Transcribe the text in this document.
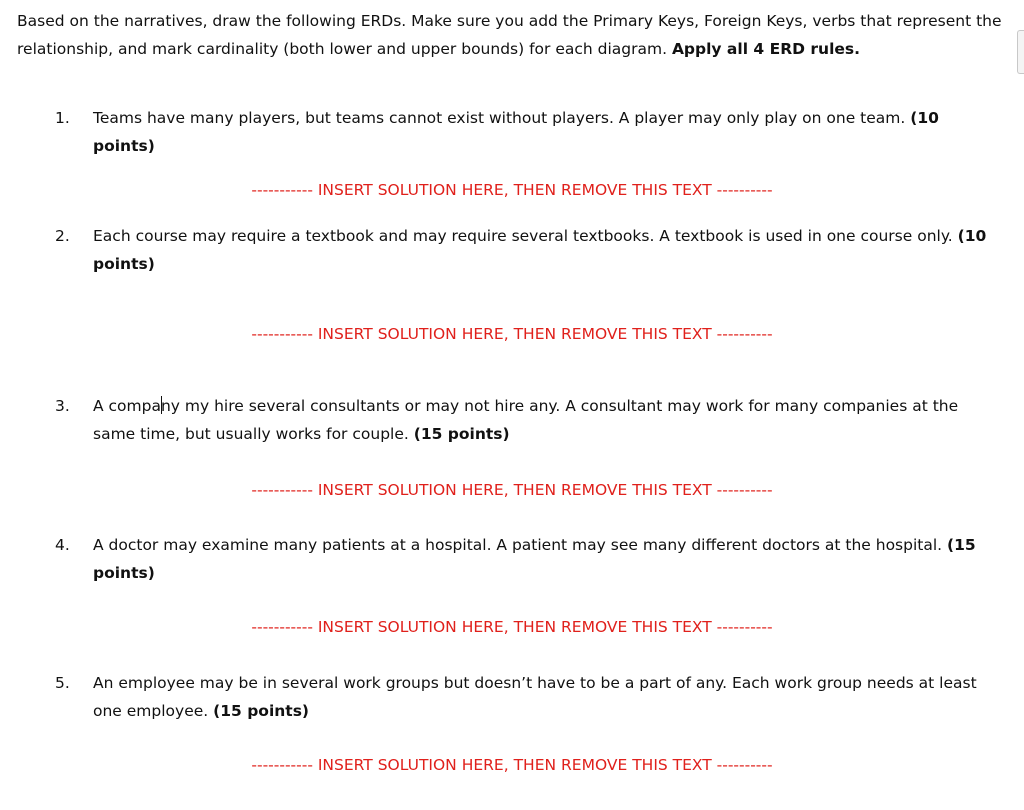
Based on the narratives, draw the following ERDs. Make sure you add the Primary Keys, Foreign Keys, verbs that represent the relationship, and mark cardinality (both lower and upper bounds) for each diagram. Apply all 4 ERD rules.

1. Teams have many players, but teams cannot exist without players. A player may only play on one team. (10 points)

----------- INSERT SOLUTION HERE, THEN REMOVE THIS TEXT ----------
2. Each course may require a textbook and may require several textbooks. A textbook is used in one course only. (10 points)

----------- INSERT SOLUTION HERE, THEN REMOVE THIS TEXT ----------
3. A company my hire several consultants or may not hire any. A consultant may work for many companies at the same time, but usually works for couple. (15 points)

----------- INSERT SOLUTION HERE, THEN REMOVE THIS TEXT ----------
4. A doctor may examine many patients at a hospital. A patient may see many different doctors at the hospital. (15 points)

----------- INSERT SOLUTION HERE, THEN REMOVE THIS TEXT ----------
5. An employee may be in several work groups but doesn’t have to be a part of any. Each work group needs at least one employee. (15 points)

----------- INSERT SOLUTION HERE, THEN REMOVE THIS TEXT ----------
